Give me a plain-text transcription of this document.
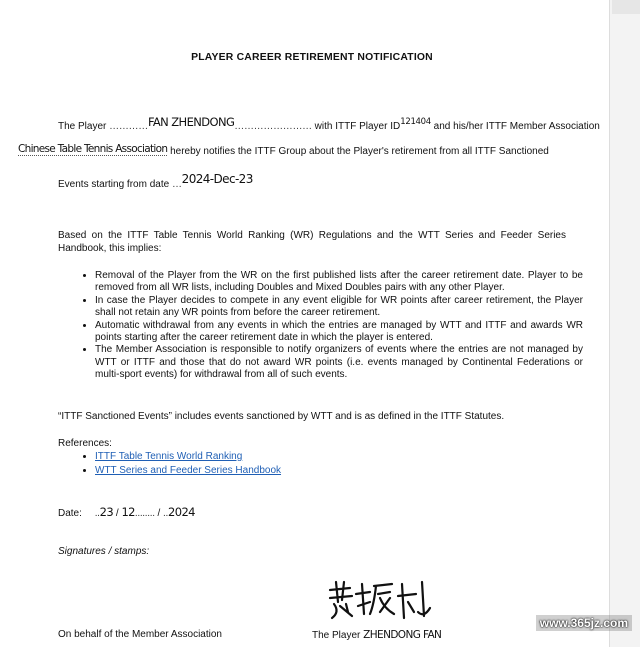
PLAYER CAREER RETIREMENT NOTIFICATION
The Player …………FAN ZHENDONG…………………… with ITTF Player $ID^{121404}$ and his/her ITTF Member Association
Chinese Table Tennis Association hereby notifies the ITTF Group about the Player's retirement from all ITTF Sanctioned
Events starting from date …2024-Dec-23
Based on the ITTF Table Tennis World Ranking (WR) Regulations and the WTT Series and Feeder Series Handbook, this implies:
• Removal of the Player from the WR on the first published lists after the career retirement date. Player to be removed from all WR lists, including Doubles and Mixed Doubles pairs with any other Player.
• In case the Player decides to compete in any event eligible for WR points after career retirement, the Player shall not retain any WR points from before the career retirement.
• Automatic withdrawal from any events in which the entries are managed by WTT and ITTF and awards WR points starting after the career retirement date in which the player is entered.
• The Member Association is responsible to notify organizers of events where the entries are not managed by WTT or ITTF and those that do not award WR points (i.e. events managed by Continental Federations or multi-sport events) for withdrawal from all of such events.
“ITTF Sanctioned Events” includes events sanctioned by WTT and is as defined in the ITTF Statutes.
References:
• ITTF Table Tennis World Ranking
• WTT Series and Feeder Series Handbook
Date: ..23 / 12........ / ..2024
Signatures / stamps:
On behalf of the Member Association	The Player ZHENDONG FAN
www.365jz.com
